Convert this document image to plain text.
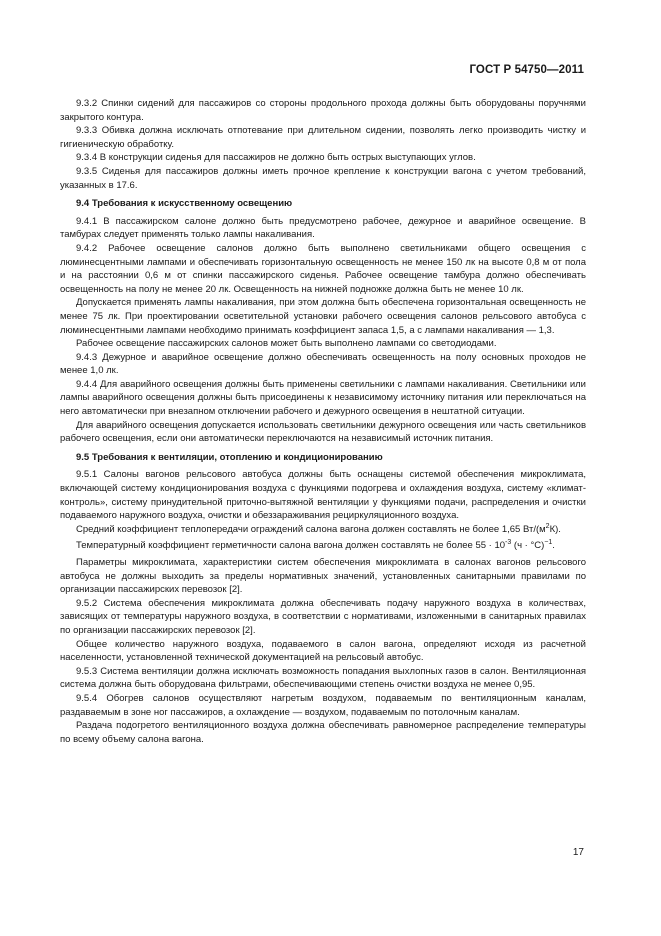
ГОСТ Р 54750—2011

9.3.2 Спинки сидений для пассажиров со стороны продольного прохода должны быть оборудованы поручнями закрытого контура.

9.3.3 Обивка должна исключать отпотевание при длительном сидении, позволять легко производить чистку и гигиеническую обработку.

9.3.4 В конструкции сиденья для пассажиров не должно быть острых выступающих углов.

9.3.5 Сиденья для пассажиров должны иметь прочное крепление к конструкции вагона с учетом требований, указанных в 17.6.

9.4 Требования к искусственному освещению

9.4.1 В пассажирском салоне должно быть предусмотрено рабочее, дежурное и аварийное освещение. В тамбурах следует применять только лампы накаливания.

9.4.2 Рабочее освещение салонов должно быть выполнено светильниками общего освещения с люминесцентными лампами и обеспечивать горизонтальную освещенность не менее 150 лк на высоте 0,8 м от пола и на расстоянии 0,6 м от спинки пассажирского сиденья. Рабочее освещение тамбура должно обеспечивать освещенность на полу не менее 20 лк. Освещенность на нижней подножке должна быть не менее 10 лк.

Допускается применять лампы накаливания, при этом должна быть обеспечена горизонтальная освещенность не менее 75 лк. При проектировании осветительной установки рабочего освещения салонов рельсового автобуса с люминесцентными лампами необходимо принимать коэффициент запаса 1,5, а с лампами накаливания — 1,3.

Рабочее освещение пассажирских салонов может быть выполнено лампами со светодиодами.

9.4.3 Дежурное и аварийное освещение должно обеспечивать освещенность на полу основных проходов не менее 1,0 лк.

9.4.4 Для аварийного освещения должны быть применены светильники с лампами накаливания. Светильники или лампы аварийного освещения должны быть присоединены к независимому источнику питания или переключаться на него автоматически при внезапном отключении рабочего и дежурного освещения в нештатной ситуации.

Для аварийного освещения допускается использовать светильники дежурного освещения или часть светильников рабочего освещения, если они автоматически переключаются на независимый источник питания.

9.5 Требования к вентиляции, отоплению и кондиционированию

9.5.1 Салоны вагонов рельсового автобуса должны быть оснащены системой обеспечения микроклимата, включающей систему кондиционирования воздуха с функциями подогрева и охлаждения воздуха, систему «климат-контроль», систему принудительной приточно-вытяжной вентиляции у функциями подачи, распределения и очистки подаваемого наружного воздуха, очистки и обеззараживания рециркуляционного воздуха.

Средний коэффициент теплопередачи ограждений салона вагона должен составлять не более 1,65 $Вт/(м^2К)$.

Температурный коэффициент герметичности салона вагона должен составлять не более $55 \cdot 10^{-3}$ $(ч \cdot ^\circ С)^{-1}$.

Параметры микроклимата, характеристики систем обеспечения микроклимата в салонах вагонов рельсового автобуса не должны выходить за пределы нормативных значений, установленных санитарными правилами по организации пассажирских перевозок [2].

9.5.2 Система обеспечения микроклимата должна обеспечивать подачу наружного воздуха в количествах, зависящих от температуры наружного воздуха, в соответствии с нормативами, изложенными в санитарных правилах по организации пассажирских перевозок [2].

Общее количество наружного воздуха, подаваемого в салон вагона, определяют исходя из расчетной населенности, установленной технической документацией на рельсовый автобус.

9.5.3 Система вентиляции должна исключать возможность попадания выхлопных газов в салон. Вентиляционная система должна быть оборудована фильтрами, обеспечивающими степень очистки воздуха не менее 0,95.

9.5.4 Обогрев салонов осуществляют нагретым воздухом, подаваемым по вентиляционным каналам, раздаваемым в зоне ног пассажиров, а охлаждение — воздухом, подаваемым по потолочным каналам.

Раздача подогретого вентиляционного воздуха должна обеспечивать равномерное распределение температуры по всему объему салона вагона.

17
